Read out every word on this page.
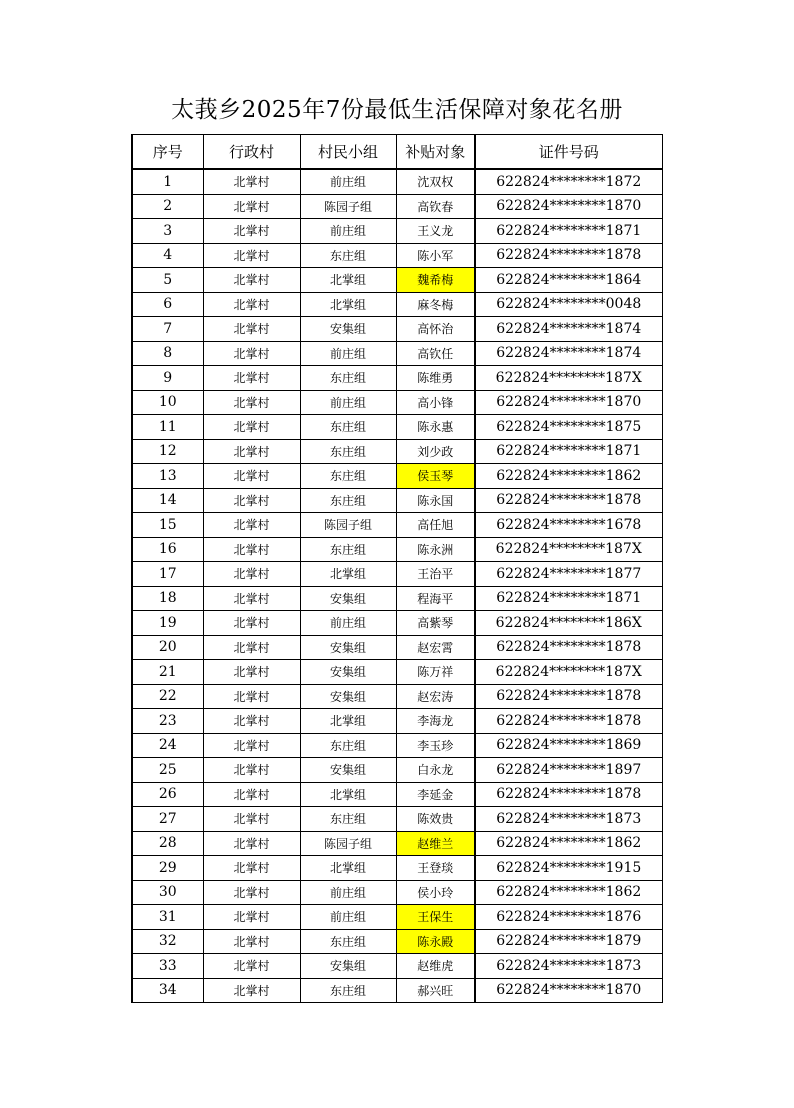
太莪乡2025年7份最低生活保障对象花名册
序号	行政村	村民小组	补贴对象	证件号码
1	北掌村	前庄组	沈双权	622824********1872
2	北掌村	陈园子组	高钦春	622824********1870
3	北掌村	前庄组	王义龙	622824********1871
4	北掌村	东庄组	陈小军	622824********1878
5	北掌村	北掌组	魏希梅	622824********1864
6	北掌村	北掌组	麻冬梅	622824********0048
7	北掌村	安集组	高怀治	622824********1874
8	北掌村	前庄组	高钦任	622824********1874
9	北掌村	东庄组	陈维勇	622824********187X
10	北掌村	前庄组	高小锋	622824********1870
11	北掌村	东庄组	陈永惠	622824********1875
12	北掌村	东庄组	刘少政	622824********1871
13	北掌村	东庄组	侯玉琴	622824********1862
14	北掌村	东庄组	陈永国	622824********1878
15	北掌村	陈园子组	高任旭	622824********1678
16	北掌村	东庄组	陈永洲	622824********187X
17	北掌村	北掌组	王治平	622824********1877
18	北掌村	安集组	程海平	622824********1871
19	北掌村	前庄组	高紫琴	622824********186X
20	北掌村	安集组	赵宏霄	622824********1878
21	北掌村	安集组	陈万祥	622824********187X
22	北掌村	安集组	赵宏涛	622824********1878
23	北掌村	北掌组	李海龙	622824********1878
24	北掌村	东庄组	李玉珍	622824********1869
25	北掌村	安集组	白永龙	622824********1897
26	北掌村	北掌组	李延金	622824********1878
27	北掌村	东庄组	陈效贵	622824********1873
28	北掌村	陈园子组	赵维兰	622824********1862
29	北掌村	北掌组	王登琰	622824********1915
30	北掌村	前庄组	侯小玲	622824********1862
31	北掌村	前庄组	王保生	622824********1876
32	北掌村	东庄组	陈永殿	622824********1879
33	北掌村	安集组	赵维虎	622824********1873
34	北掌村	东庄组	郝兴旺	622824********1870
